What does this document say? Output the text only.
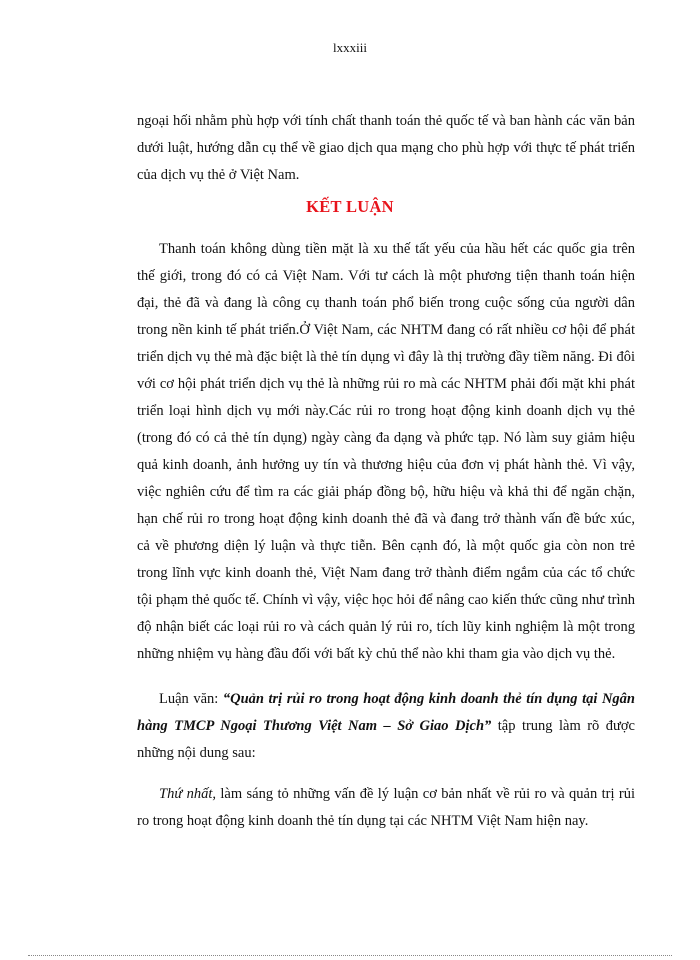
lxxxiii

ngoại hối nhằm phù hợp với tính chất thanh toán thẻ quốc tế và ban hành các văn bản dưới luật, hướng dẫn cụ thể về giao dịch qua mạng cho phù hợp với thực tế phát triển của dịch vụ thẻ ở Việt Nam.

KẾT LUẬN

Thanh toán không dùng tiền mặt là xu thế tất yếu của hầu hết các quốc gia trên thế giới, trong đó có cả Việt Nam. Với tư cách là một phương tiện thanh toán hiện đại, thẻ đã và đang là công cụ thanh toán phổ biến trong cuộc sống của người dân trong nền kinh tế phát triển.Ở Việt Nam, các NHTM đang có rất nhiều cơ hội để phát triển dịch vụ thẻ mà đặc biệt là thẻ tín dụng vì đây là thị trường đầy tiềm năng. Đi đôi với cơ hội phát triển dịch vụ thẻ là những rủi ro mà các NHTM phải đối mặt khi phát triển loại hình dịch vụ mới này.Các rủi ro trong hoạt động kinh doanh dịch vụ thẻ (trong đó có cả thẻ tín dụng) ngày càng đa dạng và phức tạp. Nó làm suy giảm hiệu quả kinh doanh, ảnh hưởng uy tín và thương hiệu của đơn vị phát hành thẻ. Vì vậy, việc nghiên cứu để tìm ra các giải pháp đồng bộ, hữu hiệu và khả thi để ngăn chặn, hạn chế rủi ro trong hoạt động kinh doanh thẻ đã và đang trở thành vấn đề bức xúc, cả về phương diện lý luận và thực tiễn. Bên cạnh đó, là một quốc gia còn non trẻ trong lĩnh vực kinh doanh thẻ, Việt Nam đang trở thành điểm ngắm của các tổ chức tội phạm thẻ quốc tế. Chính vì vậy, việc học hỏi để nâng cao kiến thức cũng như trình độ nhận biết các loại rủi ro và cách quản lý rủi ro, tích lũy kinh nghiệm là một trong những nhiệm vụ hàng đầu đối với bất kỳ chủ thể nào khi tham gia vào dịch vụ thẻ.

Luận văn: “Quản trị rủi ro trong hoạt động kinh doanh thẻ tín dụng tại Ngân hàng TMCP Ngoại Thương Việt Nam – Sở Giao Dịch” tập trung làm rõ được những nội dung sau:

Thứ nhất, làm sáng tỏ những vấn đề lý luận cơ bản nhất về rủi ro và quản trị rủi ro trong hoạt động kinh doanh thẻ tín dụng tại các NHTM Việt Nam hiện nay.
